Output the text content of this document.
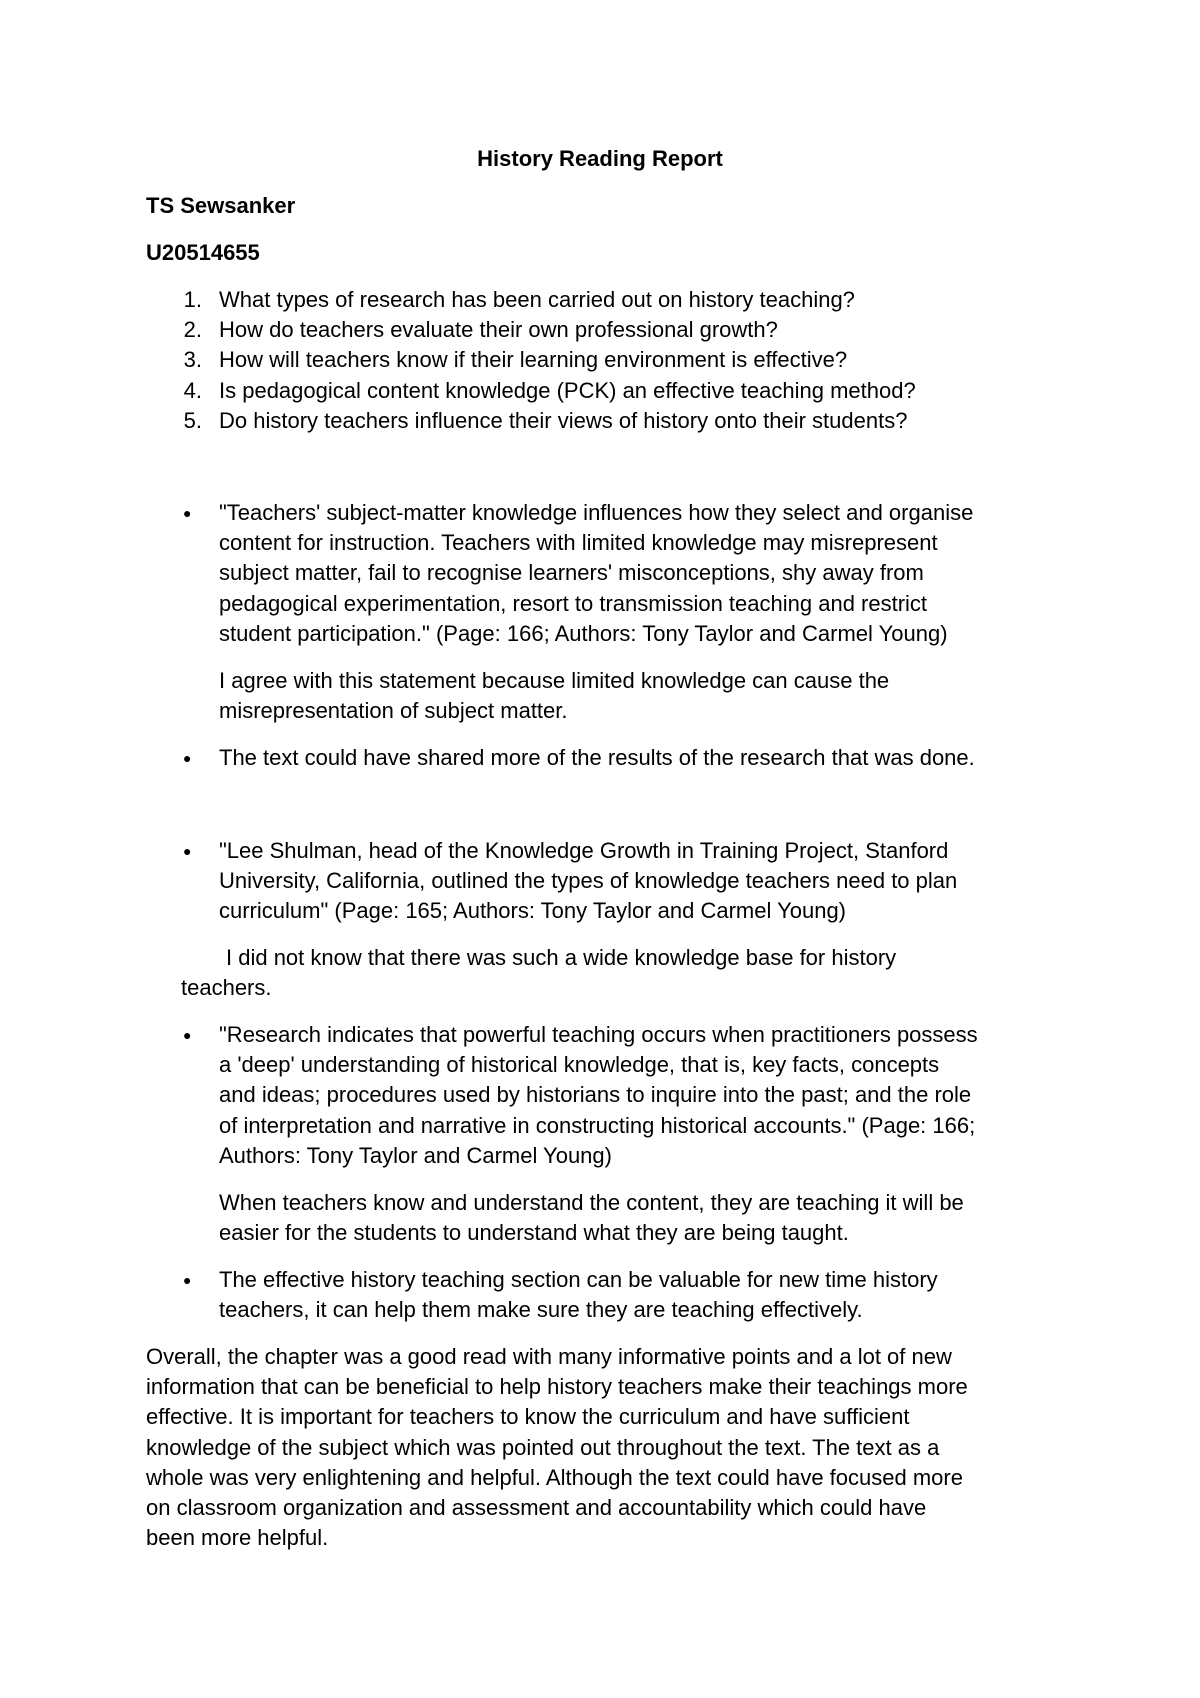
History Reading Report

TS Sewsanker

U20514655

1. What types of research has been carried out on history teaching?
2. How do teachers evaluate their own professional growth?
3. How will teachers know if their learning environment is effective?
4. Is pedagogical content knowledge (PCK) an effective teaching method?
5. Do history teachers influence their views of history onto their students?
● "Teachers' subject-matter knowledge influences how they select and organise
content for instruction. Teachers with limited knowledge may misrepresent
subject matter, fail to recognise learners' misconceptions, shy away from
pedagogical experimentation, resort to transmission teaching and restrict
student participation." (Page: 166; Authors: Tony Taylor and Carmel Young)
I agree with this statement because limited knowledge can cause the
misrepresentation of subject matter.
● The text could have shared more of the results of the research that was done.
● "Lee Shulman, head of the Knowledge Growth in Training Project, Stanford
University, California, outlined the types of knowledge teachers need to plan
curriculum" (Page: 165; Authors: Tony Taylor and Carmel Young)
I did not know that there was such a wide knowledge base for history
teachers.
● "Research indicates that powerful teaching occurs when practitioners possess
a 'deep' understanding of historical knowledge, that is, key facts, concepts
and ideas; procedures used by historians to inquire into the past; and the role
of interpretation and narrative in constructing historical accounts." (Page: 166;
Authors: Tony Taylor and Carmel Young)
When teachers know and understand the content, they are teaching it will be
easier for the students to understand what they are being taught.
● The effective history teaching section can be valuable for new time history
teachers, it can help them make sure they are teaching effectively.
Overall, the chapter was a good read with many informative points and a lot of new
information that can be beneficial to help history teachers make their teachings more
effective. It is important for teachers to know the curriculum and have sufficient
knowledge of the subject which was pointed out throughout the text. The text as a
whole was very enlightening and helpful. Although the text could have focused more
on classroom organization and assessment and accountability which could have
been more helpful.
